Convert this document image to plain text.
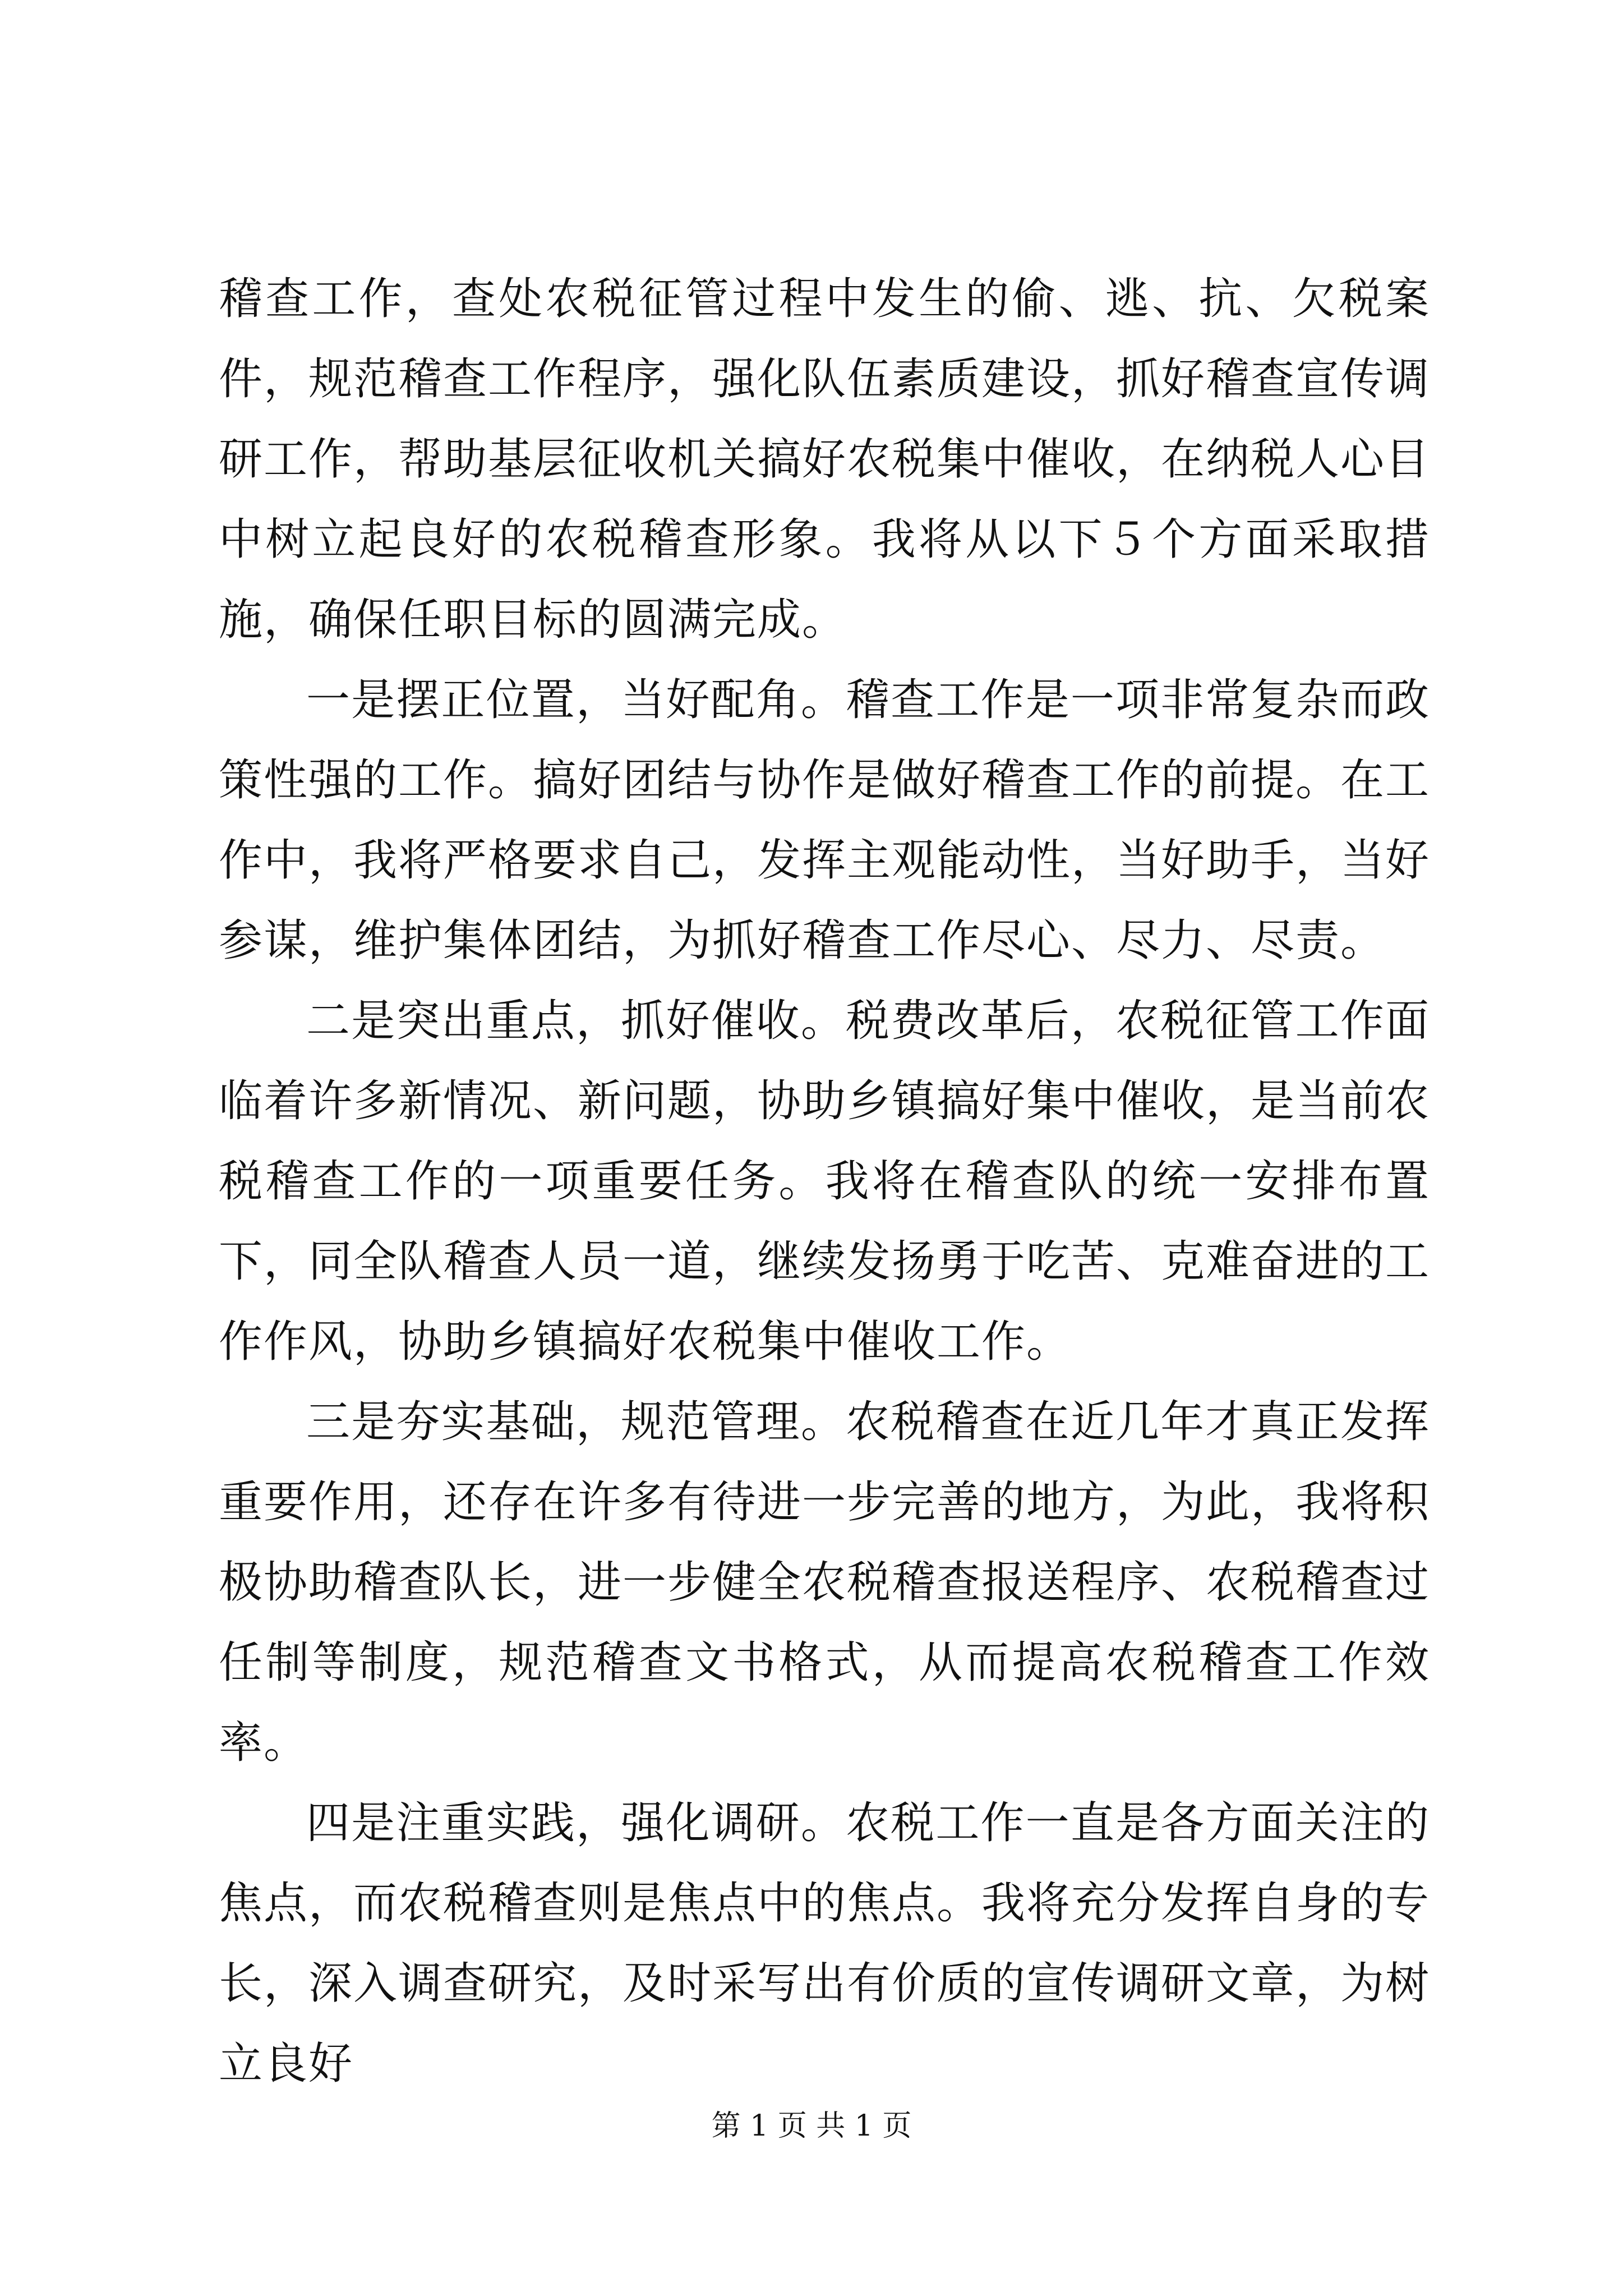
稽查工作，查处农税征管过程中发生的偷、逃、抗、欠税案件，规范稽查工作程序，强化队伍素质建设，抓好稽查宣传调研工作，帮助基层征收机关搞好农税集中催收，在纳税人心目中树立起良好的农税稽查形象。我将从以下５个方面采取措施，确保任职目标的圆满完成。

一是摆正位置，当好配角。稽查工作是一项非常复杂而政策性强的工作。搞好团结与协作是做好稽查工作的前提。在工作中，我将严格要求自己，发挥主观能动性，当好助手，当好参谋，维护集体团结，为抓好稽查工作尽心、尽力、尽责。

二是突出重点，抓好催收。税费改革后，农税征管工作面临着许多新情况、新问题，协助乡镇搞好集中催收，是当前农税稽查工作的一项重要任务。我将在稽查队的统一安排布置下，同全队稽查人员一道，继续发扬勇于吃苦、克难奋进的工作作风，协助乡镇搞好农税集中催收工作。

三是夯实基础，规范管理。农税稽查在近几年才真正发挥重要作用，还存在许多有待进一步完善的地方，为此，我将积极协助稽查队长，进一步健全农税稽查报送程序、农税稽查过任制等制度，规范稽查文书格式，从而提高农税稽查工作效率。

四是注重实践，强化调研。农税工作一直是各方面关注的焦点，而农税稽查则是焦点中的焦点。我将充分发挥自身的专长，深入调查研究，及时采写出有价质的宣传调研文章，为树立良好

第 1 页 共 1 页
